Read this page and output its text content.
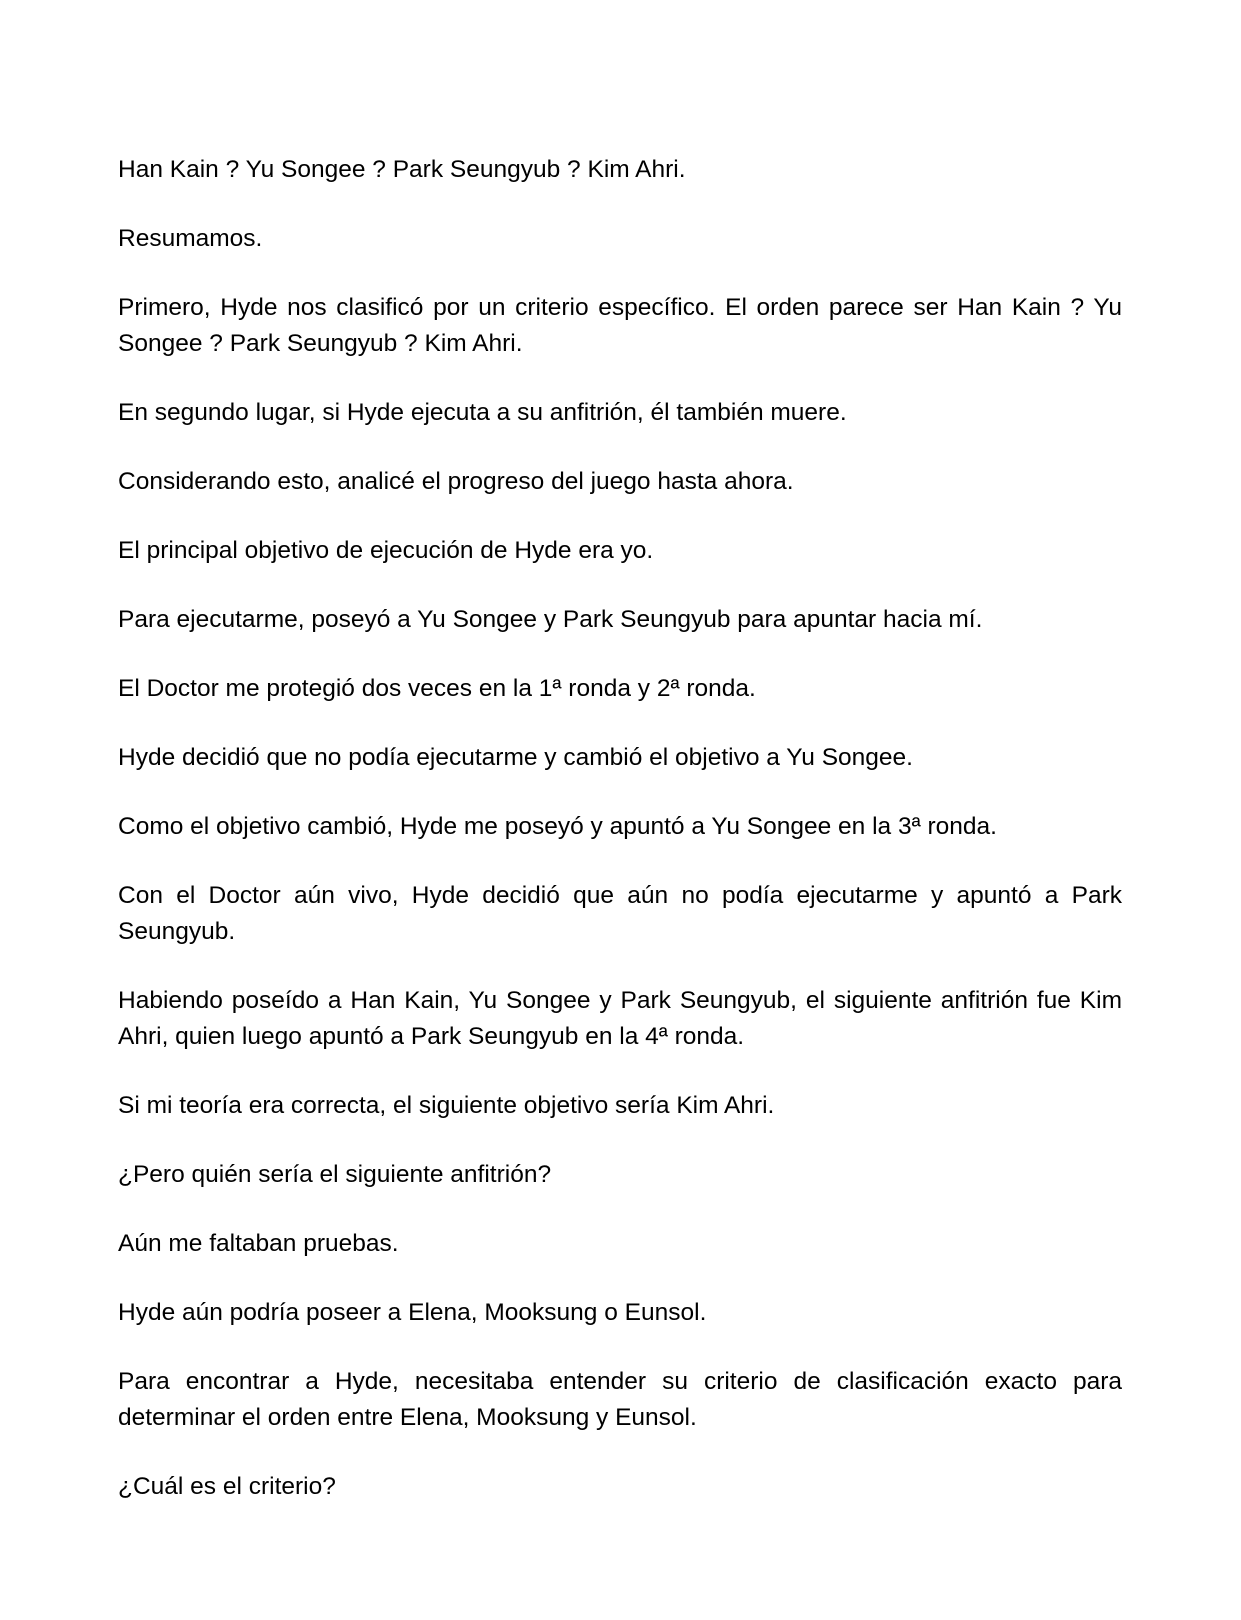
Han Kain ? Yu Songee ? Park Seungyub ? Kim Ahri.

Resumamos.

Primero, Hyde nos clasificó por un criterio específico. El orden parece ser Han Kain ? Yu Songee ? Park Seungyub ? Kim Ahri.

En segundo lugar, si Hyde ejecuta a su anfitrión, él también muere.

Considerando esto, analicé el progreso del juego hasta ahora.

El principal objetivo de ejecución de Hyde era yo.

Para ejecutarme, poseyó a Yu Songee y Park Seungyub para apuntar hacia mí.

El Doctor me protegió dos veces en la 1ª ronda y 2ª ronda.

Hyde decidió que no podía ejecutarme y cambió el objetivo a Yu Songee.

Como el objetivo cambió, Hyde me poseyó y apuntó a Yu Songee en la 3ª ronda.

Con el Doctor aún vivo, Hyde decidió que aún no podía ejecutarme y apuntó a Park Seungyub.

Habiendo poseído a Han Kain, Yu Songee y Park Seungyub, el siguiente anfitrión fue Kim Ahri, quien luego apuntó a Park Seungyub en la 4ª ronda.

Si mi teoría era correcta, el siguiente objetivo sería Kim Ahri.

¿Pero quién sería el siguiente anfitrión?

Aún me faltaban pruebas.

Hyde aún podría poseer a Elena, Mooksung o Eunsol.

Para encontrar a Hyde, necesitaba entender su criterio de clasificación exacto para determinar el orden entre Elena, Mooksung y Eunsol.

¿Cuál es el criterio?
